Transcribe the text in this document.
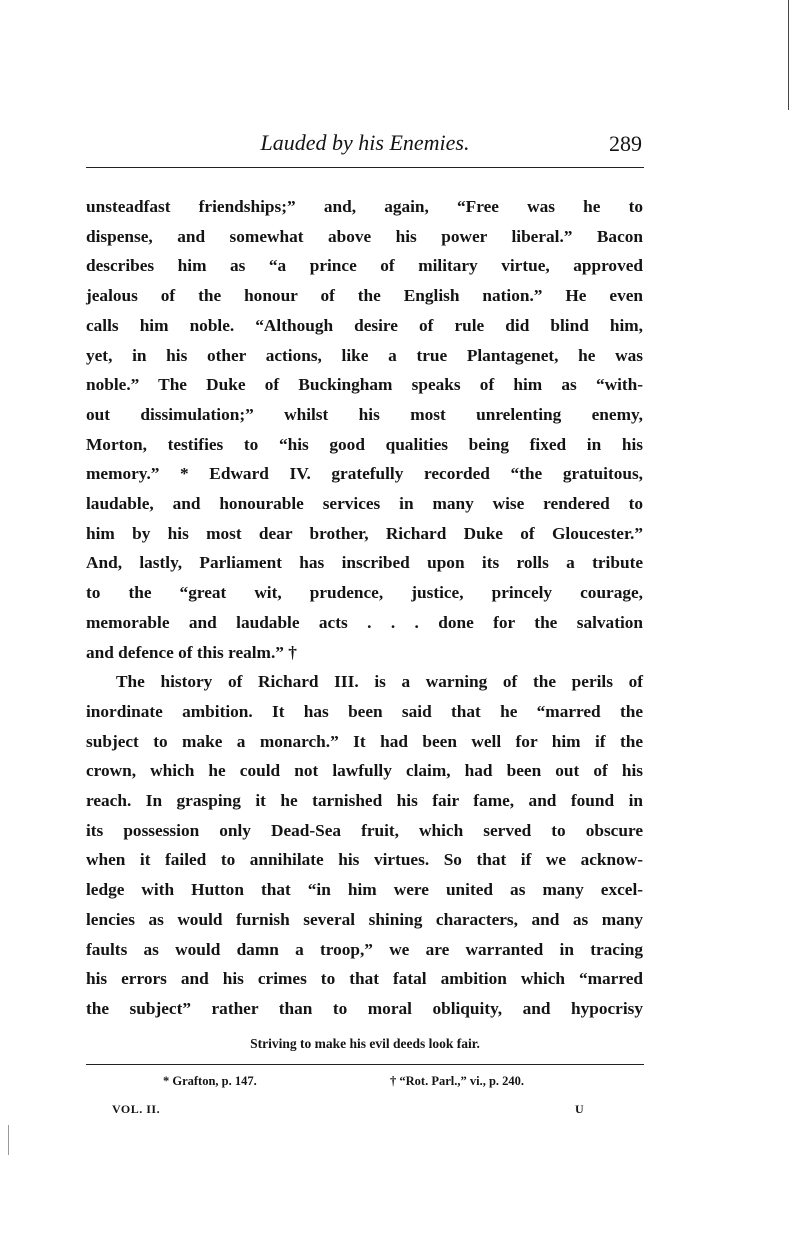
Lauded by his Enemies.	289
unsteadfast friendships;” and, again, “Free was he to
dispense, and somewhat above his power liberal.” Bacon
describes him as “a prince of military virtue, approved
jealous of the honour of the English nation.” He even
calls him noble. “Although desire of rule did blind him,
yet, in his other actions, like a true Plantagenet, he was
noble.” The Duke of Buckingham speaks of him as “with-
out dissimulation;” whilst his most unrelenting enemy,
Morton, testifies to “his good qualities being fixed in his
memory.” * Edward IV. gratefully recorded “the gratuitous,
laudable, and honourable services in many wise rendered to
him by his most dear brother, Richard Duke of Gloucester.”
And, lastly, Parliament has inscribed upon its rolls a tribute
to the “great wit, prudence, justice, princely courage,
memorable and laudable acts . . . done for the salvation
and defence of this realm.” †
The history of Richard III. is a warning of the perils of
inordinate ambition. It has been said that he “marred the
subject to make a monarch.” It had been well for him if the
crown, which he could not lawfully claim, had been out of his
reach. In grasping it he tarnished his fair fame, and found in
its possession only Dead-Sea fruit, which served to obscure
when it failed to annihilate his virtues. So that if we acknow-
ledge with Hutton that “in him were united as many excel-
lencies as would furnish several shining characters, and as many
faults as would damn a troop,” we are warranted in tracing
his errors and his crimes to that fatal ambition which “marred
the subject” rather than to moral obliquity, and hypocrisy
Striving to make his evil deeds look fair.
* Grafton, p. 147.	† “Rot. Parl.,” vi., p. 240.
VOL. II.	U
